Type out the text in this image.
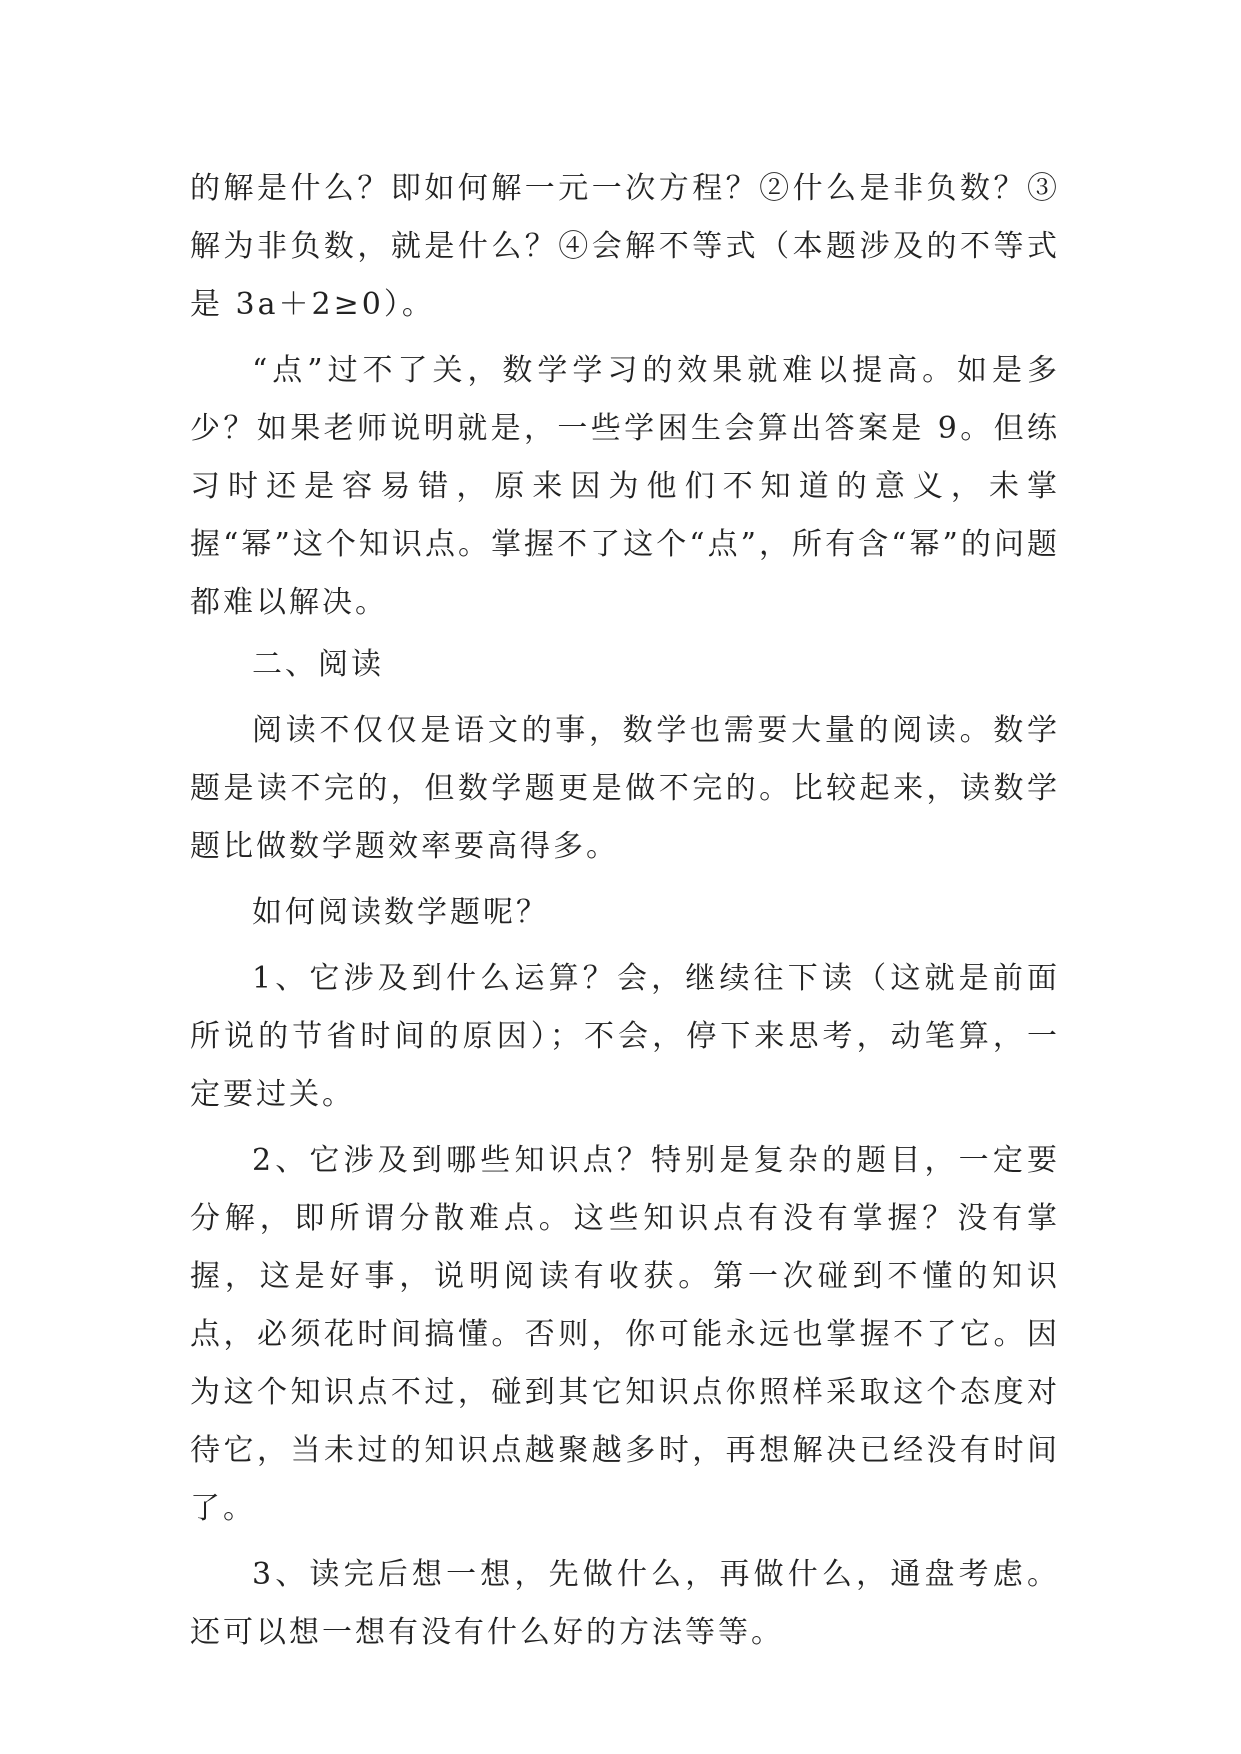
的解是什么？即如何解一元一次方程？②什么是非负数？③解为非负数，就是什么？④会解不等式（本题涉及的不等式是 3a＋2≥0）。

“点”过不了关，数学学习的效果就难以提高。如是多少？如果老师说明就是，一些学困生会算出答案是 9。但练习时还是容易错，原来因为他们不知道的意义，未掌握“幂”这个知识点。掌握不了这个“点”，所有含“幂”的问题都难以解决。

二、阅读

阅读不仅仅是语文的事，数学也需要大量的阅读。数学题是读不完的，但数学题更是做不完的。比较起来，读数学题比做数学题效率要高得多。

如何阅读数学题呢？

1、它涉及到什么运算？会，继续往下读（这就是前面所说的节省时间的原因）；不会，停下来思考，动笔算，一定要过关。

2、它涉及到哪些知识点？特别是复杂的题目，一定要分解，即所谓分散难点。这些知识点有没有掌握？没有掌握，这是好事，说明阅读有收获。第一次碰到不懂的知识点，必须花时间搞懂。否则，你可能永远也掌握不了它。因为这个知识点不过，碰到其它知识点你照样采取这个态度对待它，当未过的知识点越聚越多时，再想解决已经没有时间了。

3、读完后想一想，先做什么，再做什么，通盘考虑。还可以想一想有没有什么好的方法等等。
